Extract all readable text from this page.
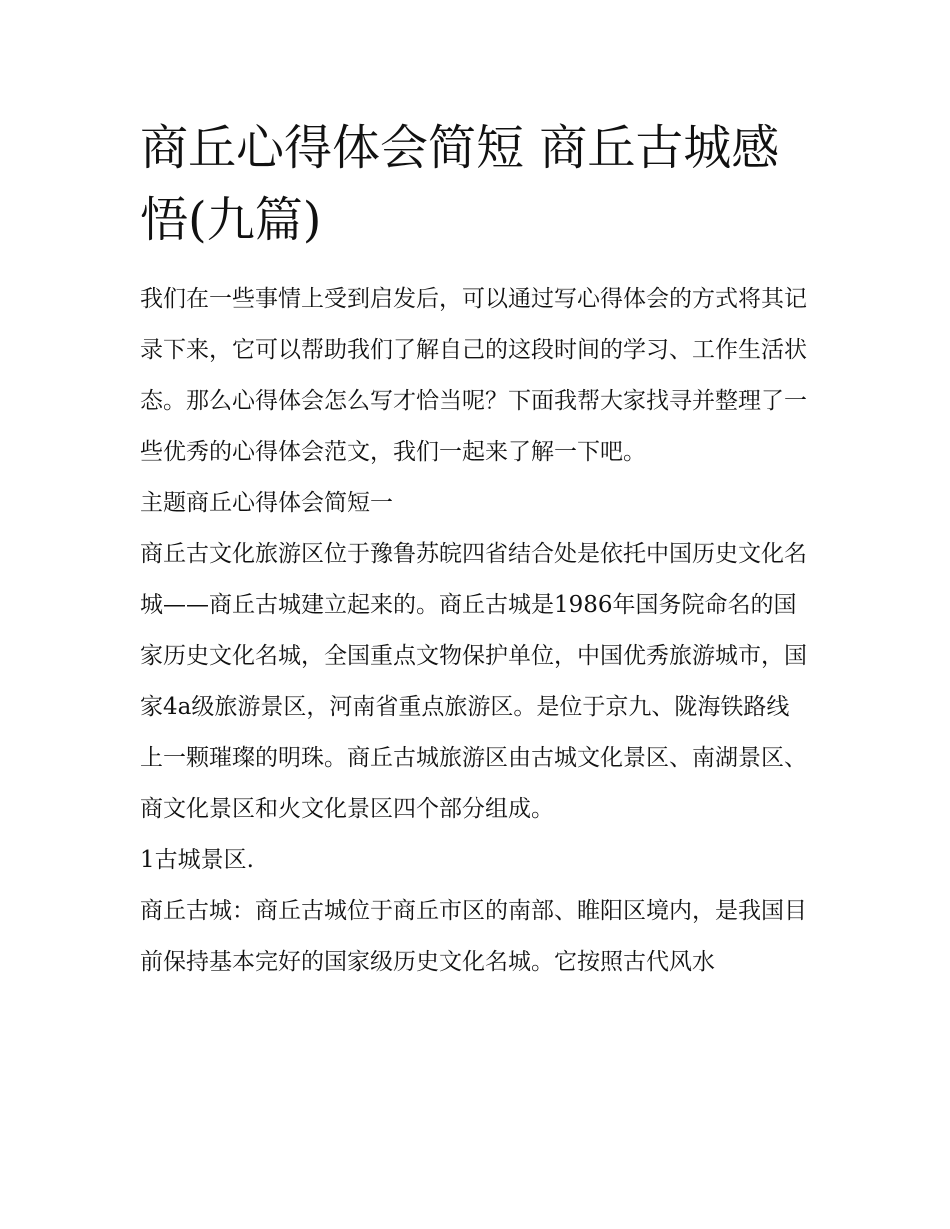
商丘心得体会简短 商丘古城感悟(九篇)

我们在一些事情上受到启发后，可以通过写心得体会的方式将其记录下来，它可以帮助我们了解自己的这段时间的学习、工作生活状态。那么心得体会怎么写才恰当呢？下面我帮大家找寻并整理了一些优秀的心得体会范文，我们一起来了解一下吧。

主题商丘心得体会简短一

商丘古文化旅游区位于豫鲁苏皖四省结合处是依托中国历史文化名城——商丘古城建立起来的。商丘古城是1986年国务院命名的国家历史文化名城，全国重点文物保护单位，中国优秀旅游城市，国家4a级旅游景区，河南省重点旅游区。是位于京九、陇海铁路线上一颗璀璨的明珠。商丘古城旅游区由古城文化景区、南湖景区、商文化景区和火文化景区四个部分组成。

1古城景区.

商丘古城：商丘古城位于商丘市区的南部、睢阳区境内，是我国目前保持基本完好的国家级历史文化名城。它按照古代风水
